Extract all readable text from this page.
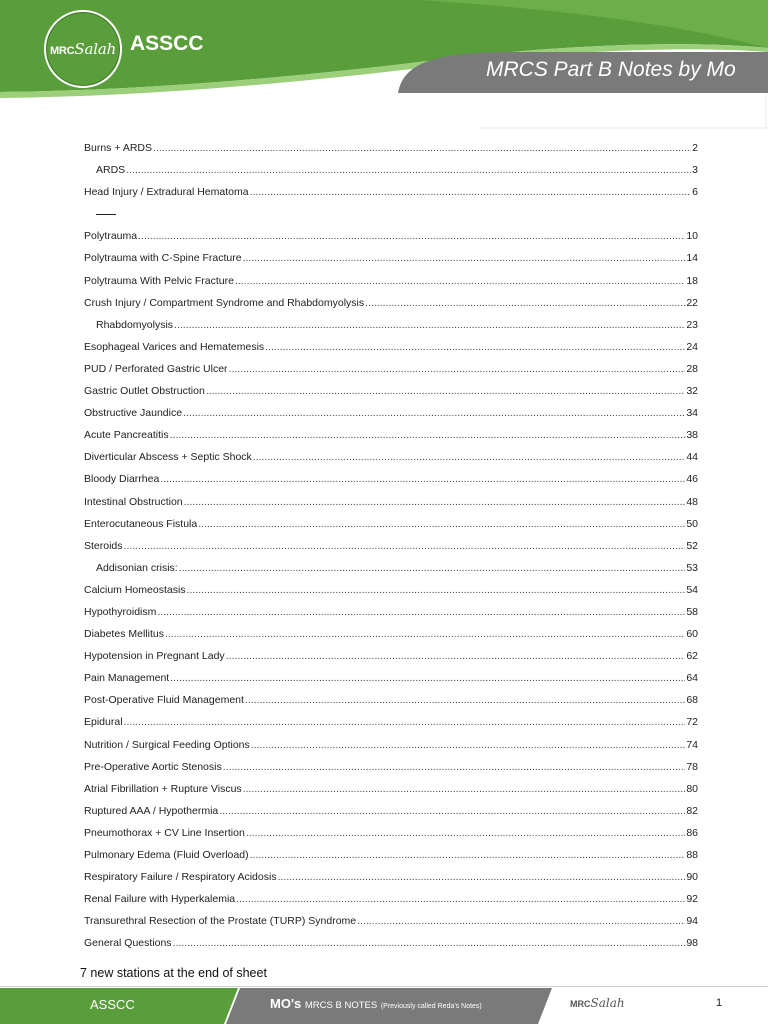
MRCSalah ASSCC
MRCS Part B Notes by Mo
Burns + ARDS .....	2
ARDS .....	3
Head Injury / Extradural Hematoma .....	6
Polytrauma .....	10
Polytrauma with C-Spine Fracture .....	14
Polytrauma With Pelvic Fracture .....	18
Crush Injury / Compartment Syndrome and Rhabdomyolysis .....	22
Rhabdomyolysis .....	23
Esophageal Varices and Hematemesis .....	24
PUD / Perforated Gastric Ulcer .....	28
Gastric Outlet Obstruction .....	32
Obstructive Jaundice .....	34
Acute Pancreatitis .....	38
Diverticular Abscess + Septic Shock .....	44
Bloody Diarrhea .....	46
Intestinal Obstruction .....	48
Enterocutaneous Fistula .....	50
Steroids .....	52
Addisonian crisis: .....	53
Calcium Homeostasis .....	54
Hypothyroidism .....	58
Diabetes Mellitus .....	60
Hypotension in Pregnant Lady .....	62
Pain Management .....	64
Post-Operative Fluid Management .....	68
Epidural .....	72
Nutrition / Surgical Feeding Options .....	74
Pre-Operative Aortic Stenosis .....	78
Atrial Fibrillation + Rupture Viscus .....	80
Ruptured AAA / Hypothermia .....	82
Pneumothorax + CV Line Insertion .....	86
Pulmonary Edema (Fluid Overload) .....	88
Respiratory Failure / Respiratory Acidosis .....	90
Renal Failure with Hyperkalemia .....	92
Transurethral Resection of the Prostate (TURP) Syndrome .....	94
General Questions .....	98
7 new stations at the end of sheet
ASSCC	MO's MRCS B NOTES (Previously called Reda's Notes)	MRCSalah	1
